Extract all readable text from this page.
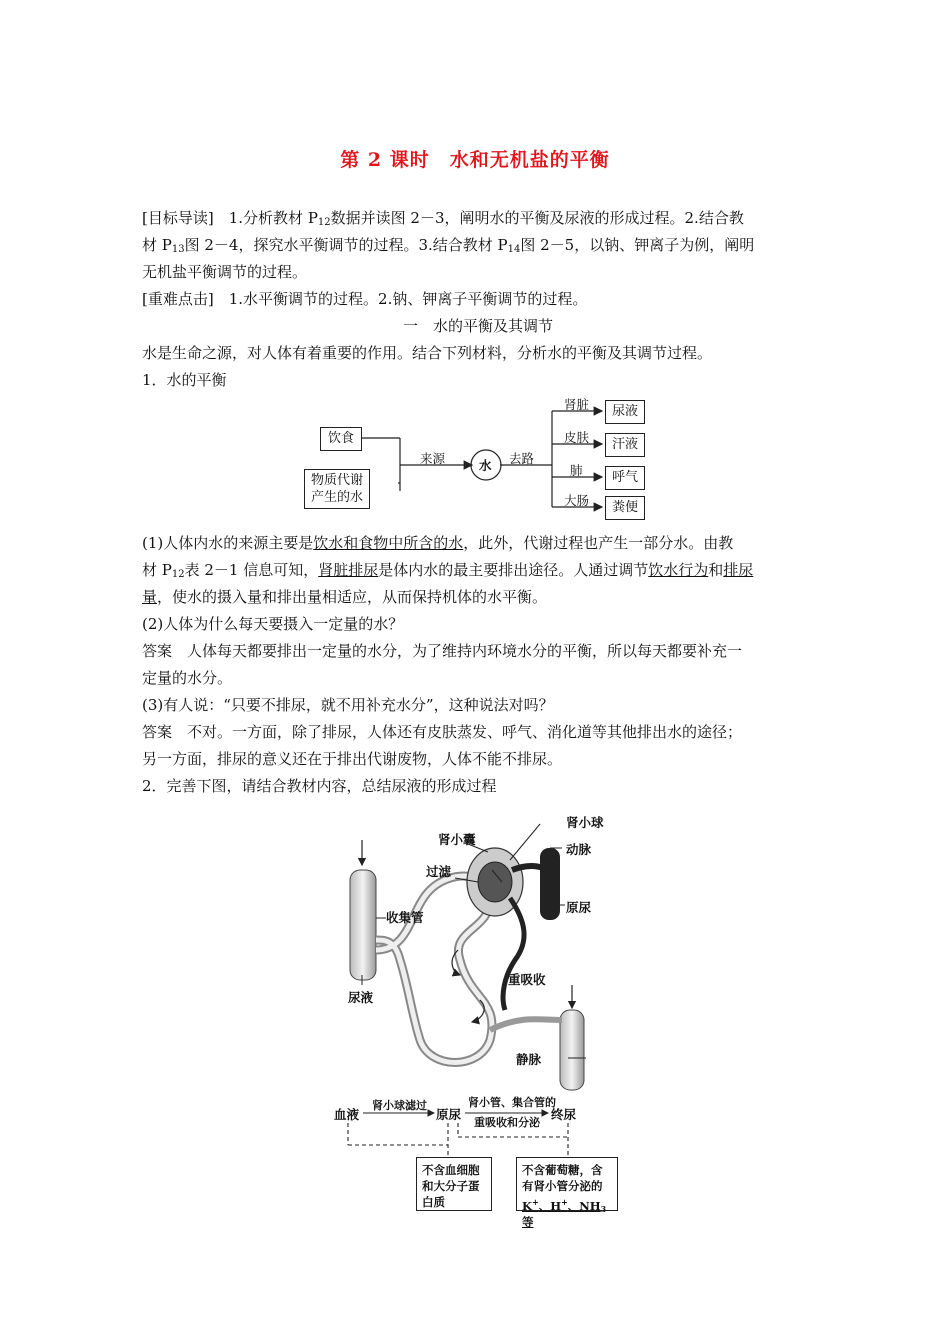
第 2 课时　水和无机盐的平衡
[目标导读]　 1.分析教材 $P_{12}$数据并读图 2－3，阐明水的平衡及尿液的形成过程。2.结合教
材 $P_{13}$图 2－4，探究水平衡调节的过程。3.结合教材 $P_{14}$图 2－5，以钠、钾离子为例，阐明
无机盐平衡调节的过程。
[重难点击]　 1.水平衡调节的过程。2.钠、钾离子平衡调节的过程。
一　水的平衡及其调节
水是生命之源，对人体有着重要的作用。结合下列材料，分析水的平衡及其调节过程。
1．水的平衡
饮食
物质代谢
产生的水
来源	水 去路
肾脏
皮肤
肺
大肠
尿液
汗液
呼气
粪便
(1)人体内水的来源主要是饮水和食物中所含的水，此外，代谢过程也产生一部分水。由教
材 $P_{12}$表 2－1 信息可知，肾脏排尿是体内水的最主要排出途径。人通过调节饮水行为和排尿
量，使水的摄入量和排出量相适应，从而保持机体的水平衡。
(2)人体为什么每天要摄入一定量的水？
答案　人体每天都要排出一定量的水分，为了维持内环境水分的平衡，所以每天都要补充一
定量的水分。
(3)有人说：“只要不排尿，就不用补充水分”，这种说法对吗？
答案　不对。一方面，除了排尿，人体还有皮肤蒸发、呼气、消化道等其他排出水的途径；
另一方面，排尿的意义还在于排出代谢废物，人体不能不排尿。
2．完善下图，请结合教材内容，总结尿液的形成过程
肾小囊
肾小球
过滤
动脉
原尿
收集管
重吸收
尿液
静脉
血液
肾小球滤过
原尿
肾小管、集合管的
重吸收和分泌
终尿
不含血细胞
和大分子蛋
白质
不含葡萄糖，含
有肾小管分泌的
K+、H+、$NH_3$ 等
